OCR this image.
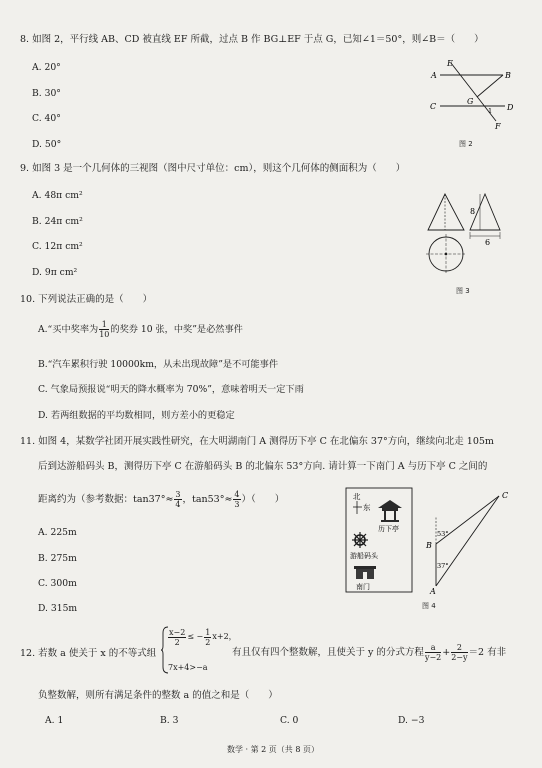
8. 如图 2，平行线 AB、CD 被直线 EF 所截，过点 B 作 BG⊥EF 于点 G，已知∠1＝50°，则∠B＝（　　）
A. 20°
B. 30°
C. 40°
D. 50°
E
A	B
C
G
1 D
F
图 2
9. 如图 3 是一个几何体的三视图（图中尺寸单位：cm），则这个几何体的侧面积为（　　）
A. 48π cm²
B. 24π cm²
C. 12π cm²
D. 9π cm²
8
6
图 3
10. 下列说法正确的是（　　）
A.“买中奖率为 $\frac{1}{10}$ 的奖券 10 张，中奖”是必然事件
B.“汽车累积行驶 10000km，从未出现故障”是不可能事件
C. 气象局预报说“明天的降水概率为 70%”，意味着明天一定下雨
D. 若两组数据的平均数相同，则方差小的更稳定
11. 如图 4，某数学社团开展实践性研究，在大明湖南门 A 测得历下亭 C 在北偏东 37°方向，继续向北走 105m
后到达游船码头 B，测得历下亭 C 在游船码头 B 的北偏东 53°方向. 请计算一下南门 A 与历下亭 C 之间的
距离约为（参考数据：$\tan 37^\circ\approx \frac{3}{4}$ ，$\tan 53^\circ\approx \frac{4}{3}$ ）（　　）
A. 225m
B. 275m
C. 300m
D. 315m
北
东
历下亭
游船码头
南门
C
B
A
53°
37°
图 4
12. 若数 a 使关于 x 的不等式组
$\frac{x-2}{2}$ ≤ − $\frac{1}{2} x+2$，
7x+4>−a
有且仅有四个整数解，且使关于 y 的分式方程 $\frac{a}{y-2} + \frac{2}{2-y} =2$ 有非
负整数解，则所有满足条件的整数 a 的值之和是（　　）
A. 1	B. 3	C. 0	D. −3
数学 · 第 2 页（共 8 页）
